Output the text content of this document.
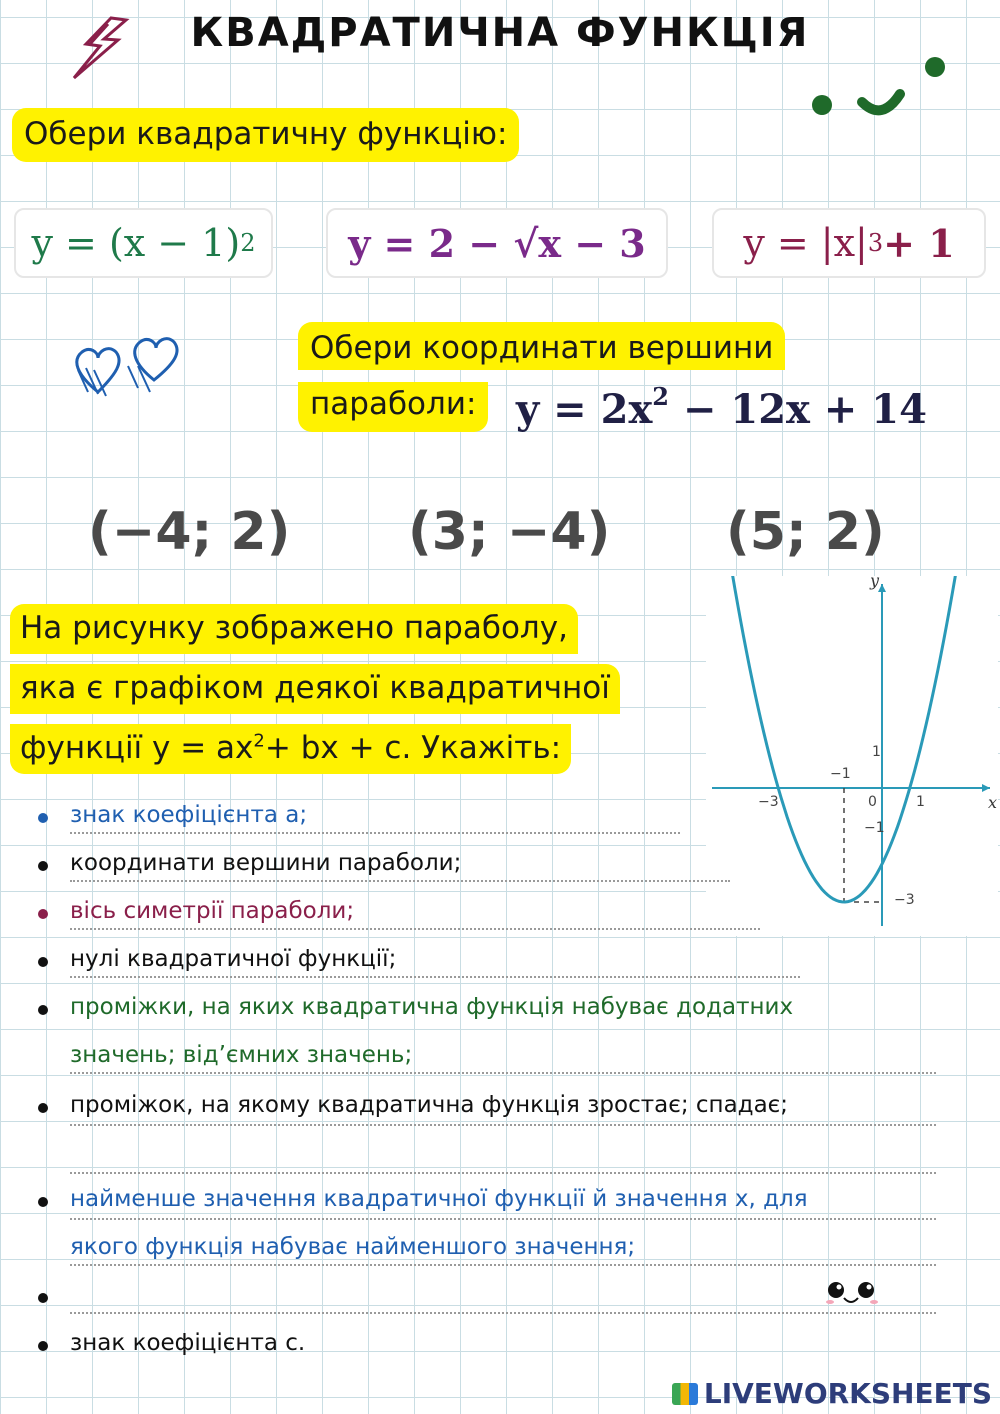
КВАДРАТИЧНА ФУНКЦІЯ
Обери квадратичну функцію:
y = (x − 1) 2 y = 2 − √x − 3	y = |x| 3 + 1
Обери координати вершини
параболи: $y = 2x^2 - 12x + 14$
(−4; 2) (3; −4) (5; 2)
На рисунку зображено параболу,
яка є графіком деякої квадратичної
функції $y = ax^2+$ bx + c. Укажіть:
x
y
−3
−1
0	1
1
−1
−3
знак коефіцієнта a;
координати вершини параболи;
вісь симетрії параболи;
нулі квадратичної функції;
проміжки, на яких квадратична функція набуває додатних
значень; від’ємних значень;
проміжок, на якому квадратична функція зростає; спадає;
найменше значення квадратичної функції й значення x, для
якого функція набуває найменшого значення;
знак коефіцієнта c.
LIVEWORKSHEETS
